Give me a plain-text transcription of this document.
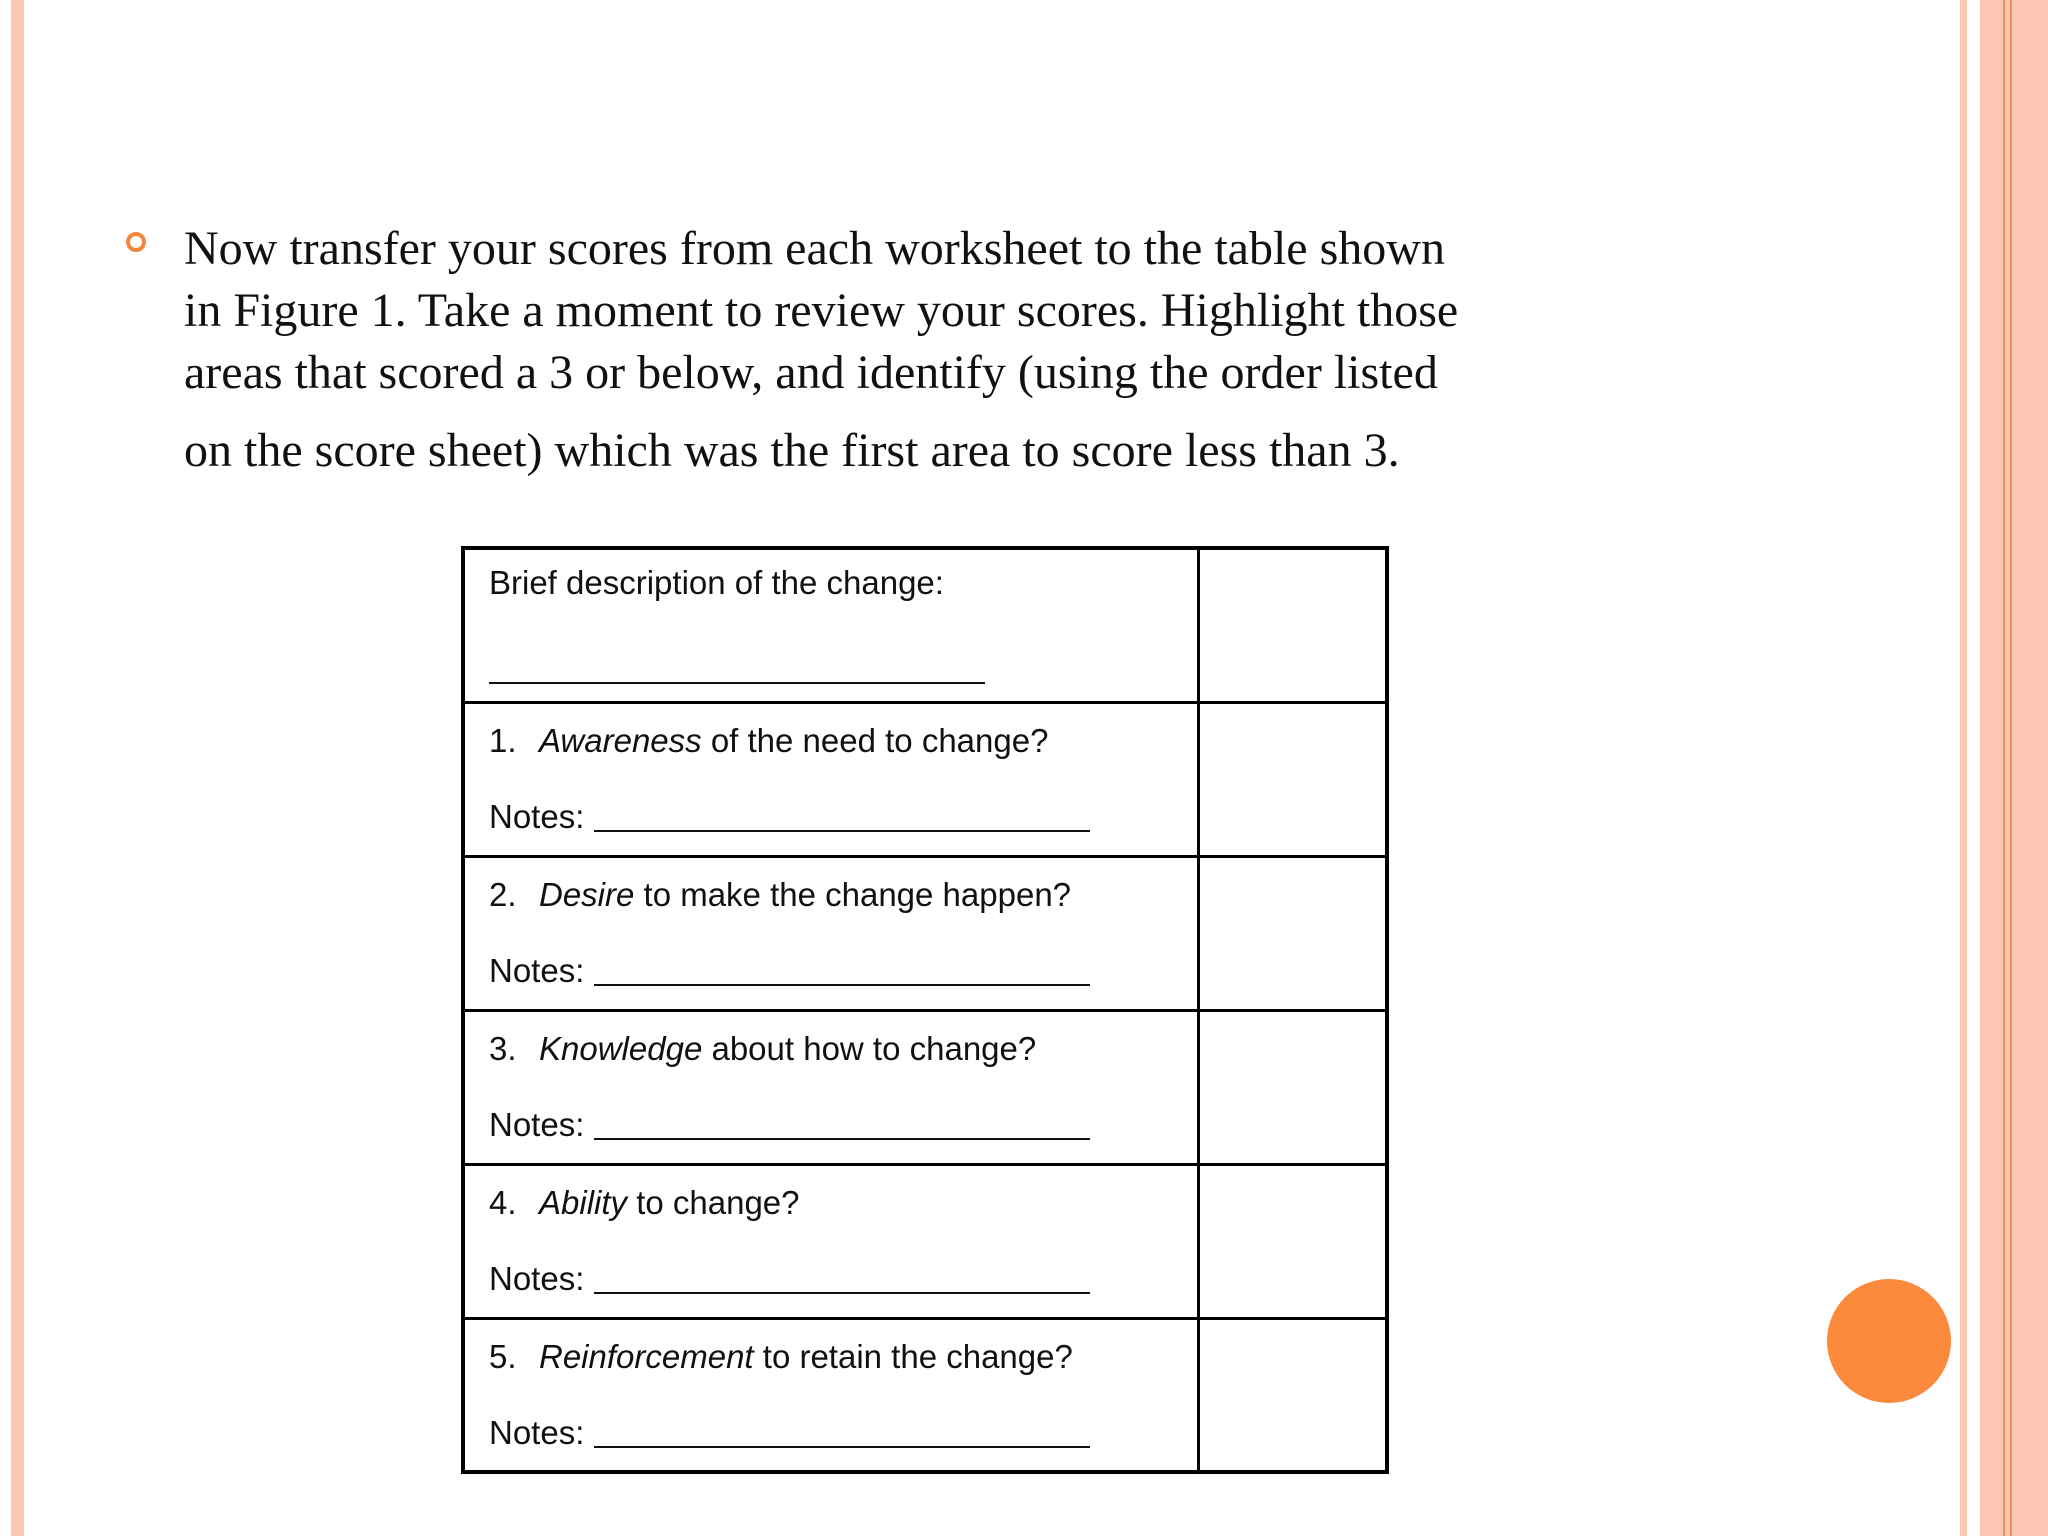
Now transfer your scores from each worksheet to the table shown
in Figure 1. Take a moment to review your scores. Highlight those
areas that scored a 3 or below, and identify (using the order listed
on the score sheet) which was the first area to score less than 3.
Brief description of the change:
1. Awareness of the need to change?
Notes:
2. Desire to make the change happen?
Notes:
3. Knowledge about how to change?
Notes:
4. Ability to change?
Notes:
5. Reinforcement to retain the change?
Notes:
